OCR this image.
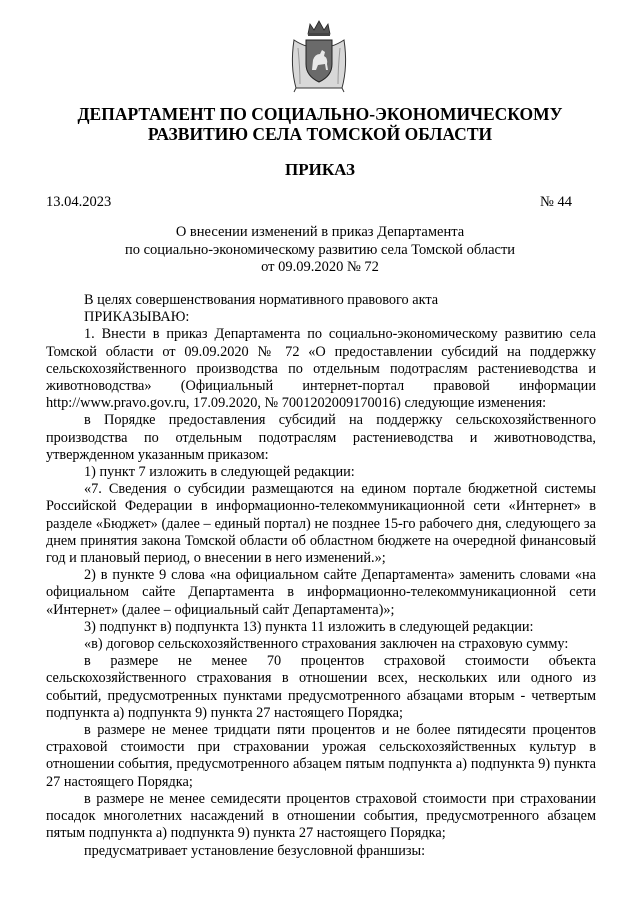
ДЕПАРТАМЕНТ ПО СОЦИАЛЬНО-ЭКОНОМИЧЕСКОМУ
РАЗВИТИЮ СЕЛА ТОМСКОЙ ОБЛАСТИ
ПРИКАЗ
13.04.2023	№ 44
О внесении изменений в приказ Департамента
по социально-экономическому развитию села Томской области
от 09.09.2020 № 72

В целях совершенствования нормативного правового акта

ПРИКАЗЫВАЮ:

1. Внести в приказ Департамента по социально-экономическому развитию села Томской области от 09.09.2020 № 72 «О предоставлении субсидий на поддержку сельскохозяйственного производства по отдельным подотраслям растениеводства и животноводства» (Официальный интернет-портал правовой информации http://www.pravo.gov.ru, 17.09.2020, № 7001202009170016) следующие изменения:

в Порядке предоставления субсидий на поддержку сельскохозяйственного производства по отдельным подотраслям растениеводства и животноводства, утвержденном указанным приказом:

1) пункт 7 изложить в следующей редакции:

«7. Сведения о субсидии размещаются на едином портале бюджетной системы Российской Федерации в информационно-телекоммуникационной сети «Интернет» в разделе «Бюджет» (далее – единый портал) не позднее 15-го рабочего дня, следующего за днем принятия закона Томской области об областном бюджете на очередной финансовый год и плановый период, о внесении в него изменений.»;

2) в пункте 9 слова «на официальном сайте Департамента» заменить словами «на официальном сайте Департамента в информационно-телекоммуникационной сети «Интернет» (далее – официальный сайт Департамента)»;

3) подпункт в) подпункта 13) пункта 11 изложить в следующей редакции:

«в) договор сельскохозяйственного страхования заключен на страховую сумму:

в размере не менее 70 процентов страховой стоимости объекта сельскохозяйственного страхования в отношении всех, нескольких или одного из событий, предусмотренных пунктами предусмотренного абзацами вторым - четвертым подпункта а) подпункта 9) пункта 27 настоящего Порядка;

в размере не менее тридцати пяти процентов и не более пятидесяти процентов страховой стоимости при страховании урожая сельскохозяйственных культур в отношении события, предусмотренного абзацем пятым подпункта а) подпункта 9) пункта 27 настоящего Порядка;

в размере не менее семидесяти процентов страховой стоимости при страховании посадок многолетних насаждений в отношении события, предусмотренного абзацем пятым подпункта а) подпункта 9) пункта 27 настоящего Порядка;

предусматривает установление безусловной франшизы:
